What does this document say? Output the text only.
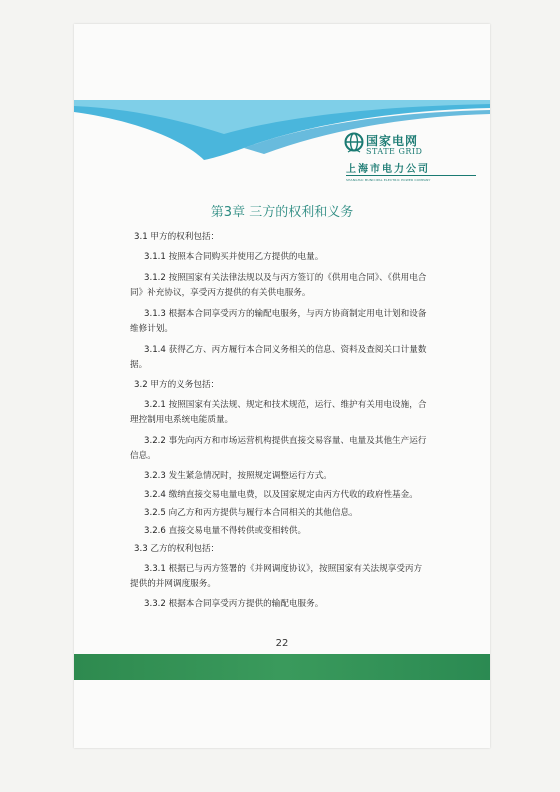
国家电网
STATE GRID
上海市电力公司
SHANGHAI MUNICIPAL ELECTRIC POWER COMPANY
第3章 三方的权利和义务
3.1 甲方的权利包括：
3.1.1 按照本合同购买并使用乙方提供的电量。
3.1.2 按照国家有关法律法规以及与丙方签订的《供用电合同》、《供用电合
同》补充协议，享受丙方提供的有关供电服务。
3.1.3 根据本合同享受丙方的输配电服务，与丙方协商制定用电计划和设备
维修计划。
3.1.4 获得乙方、丙方履行本合同义务相关的信息、资料及查阅关口计量数
据。
3.2 甲方的义务包括：
3.2.1 按照国家有关法规、规定和技术规范，运行、维护有关用电设施，合
理控制用电系统电能质量。
3.2.2 事先向丙方和市场运营机构提供直接交易容量、电量及其他生产运行
信息。
3.2.3 发生紧急情况时，按照规定调整运行方式。
3.2.4 缴纳直接交易电量电费，以及国家规定由丙方代收的政府性基金。
3.2.5 向乙方和丙方提供与履行本合同相关的其他信息。
3.2.6 直接交易电量不得转供或变相转供。
3.3 乙方的权利包括：
3.3.1 根据已与丙方签署的《并网调度协议》，按照国家有关法规享受丙方
提供的并网调度服务。
3.3.2 根据本合同享受丙方提供的输配电服务。
22
